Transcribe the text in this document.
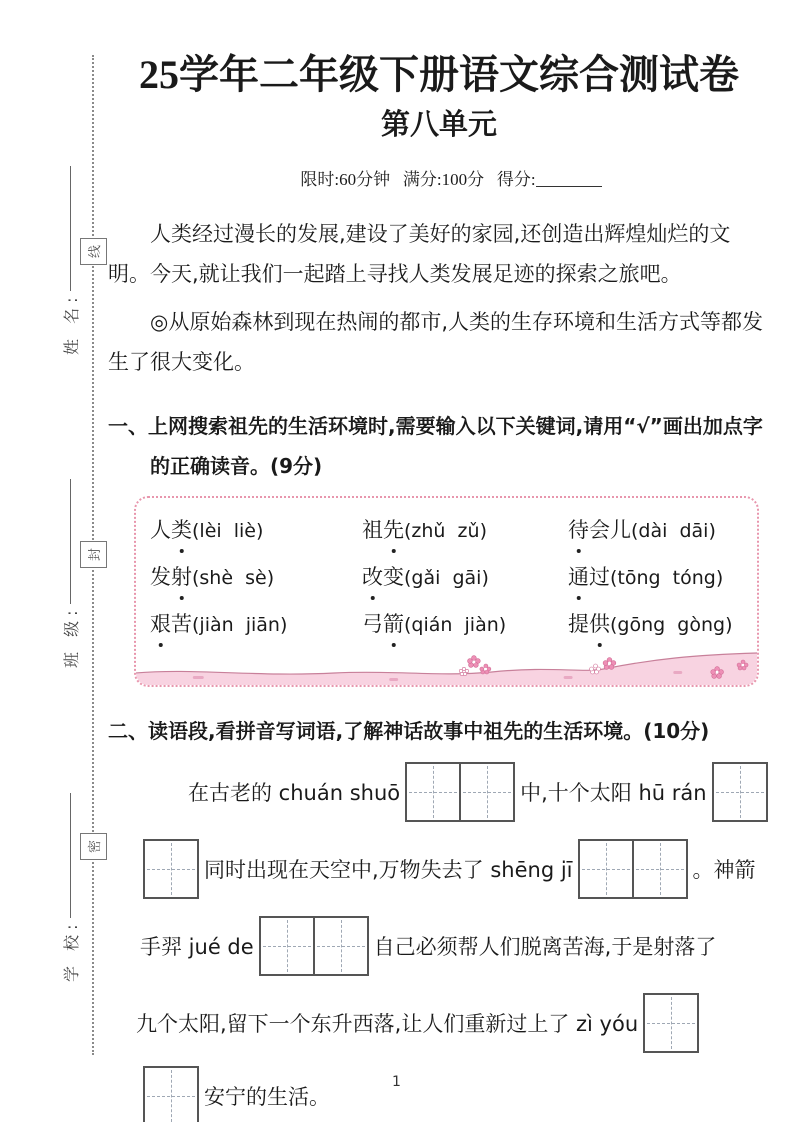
线
封
密
姓 名:
班 级:
学 校:
25学年二年级下册语文综合测试卷
第八单元
限时:60分钟 满分:100分 得分:

人类经过漫长的发展,建设了美好的家园,还创造出辉煌灿烂的文明。今天,就让我们一起踏上寻找人类发展足迹的探索之旅吧。

◎从原始森林到现在热闹的都市,人类的生存环境和生活方式等都发生了很大变化。

一、上网搜索祖先的生活环境时,需要输入以下关键词,请用“√”画出加点字的正确读音。(9分)
人类(lèi  liè)	祖先(zhǔ  zǔ)	待会儿(dài  dāi)
发射(shè  sè)	改变(gǎi  gāi)	通过(tōng  tóng)
艰苦(jiàn  jiān)	弓箭(qián  jiàn)	提供(gōng  gòng)
二、读语段,看拼音写词语,了解神话故事中祖先的生活环境。(10分)
在古老的 chuán shuō	中,十个太阳 hū rán
同时出现在天空中,万物失去了 shēng jī	。神箭
手羿 jué de	自己必须帮人们脱离苦海,于是射落了
九个太阳,留下一个东升西落,让人们重新过上了 zì yóu
安宁的生活。
1
